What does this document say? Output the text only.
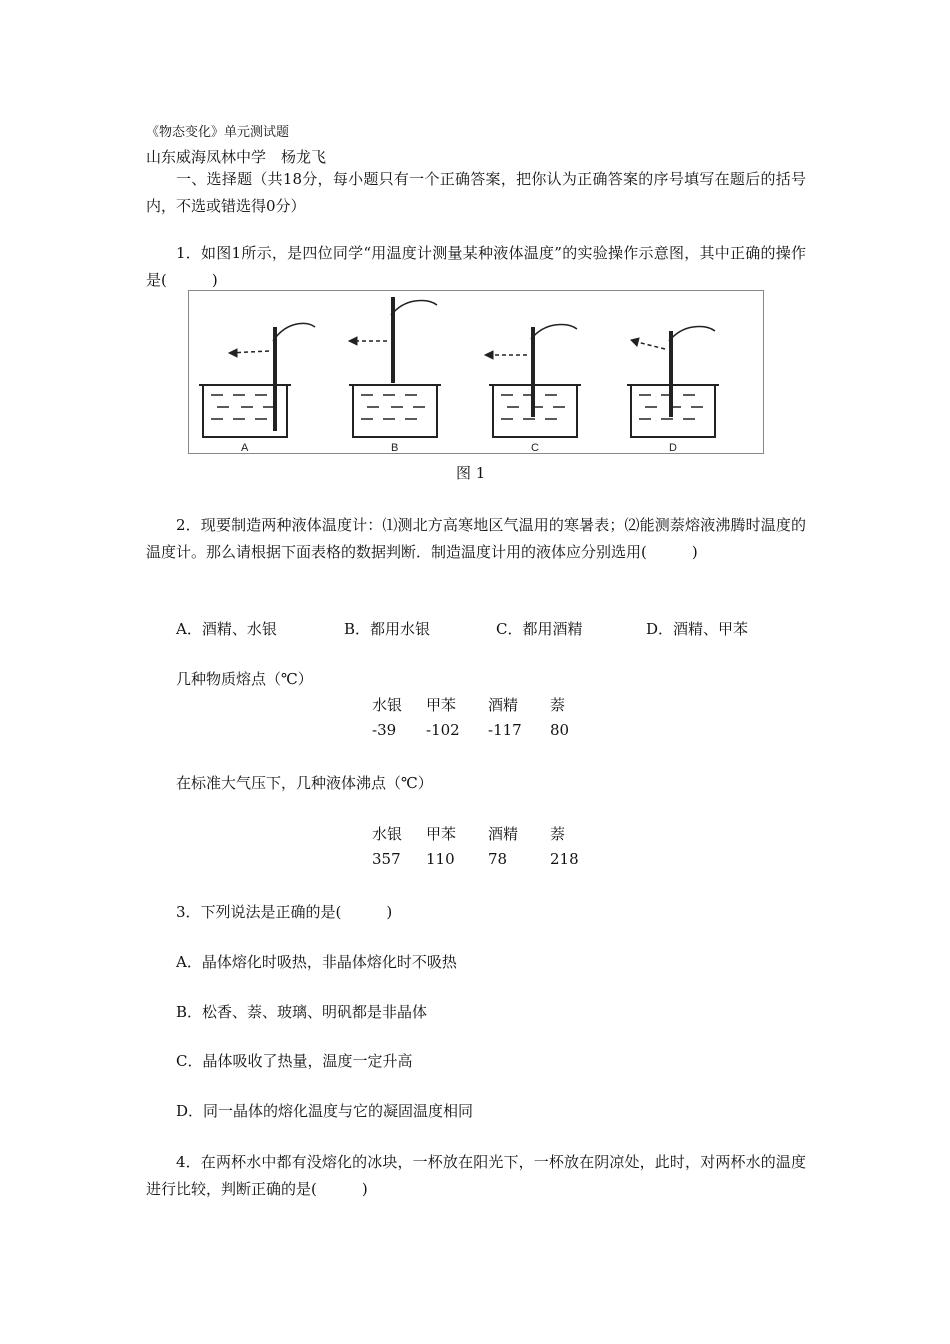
《物态变化》单元测试题
山东威海凤林中学　杨龙飞
一、选择题（共18分，每小题只有一个正确答案，把你认为正确答案的序号填写在题后的括号内，不选或错选得0分）
1．如图1所示，是四位同学“用温度计测量某种液体温度”的实验操作示意图，其中正确的操作是(　　　)
A	B	C	D
图 1
2．现要制造两种液体温度计：⑴测北方高寒地区气温用的寒暑表；⑵能测萘熔液沸腾时温度的温度计。那么请根据下面表格的数据判断．制造温度计用的液体应分别选用(　　　)
A．酒精、水银	B．都用水银	C．都用酒精	D．酒精、甲苯
几种物质熔点（℃）
水银 甲苯 酒精 萘
-39 -102 -117 80
在标准大气压下，几种液体沸点（℃）
水银 甲苯 酒精 萘
357 110 78	218
3．下列说法是正确的是(　　　)
A．晶体熔化时吸热，非晶体熔化时不吸热
B．松香、萘、玻璃、明矾都是非晶体
C．晶体吸收了热量，温度一定升高
D．同一晶体的熔化温度与它的凝固温度相同
4．在两杯水中都有没熔化的冰块，一杯放在阳光下，一杯放在阴凉处，此时，对两杯水的温度进行比较，判断正确的是(　　　)
